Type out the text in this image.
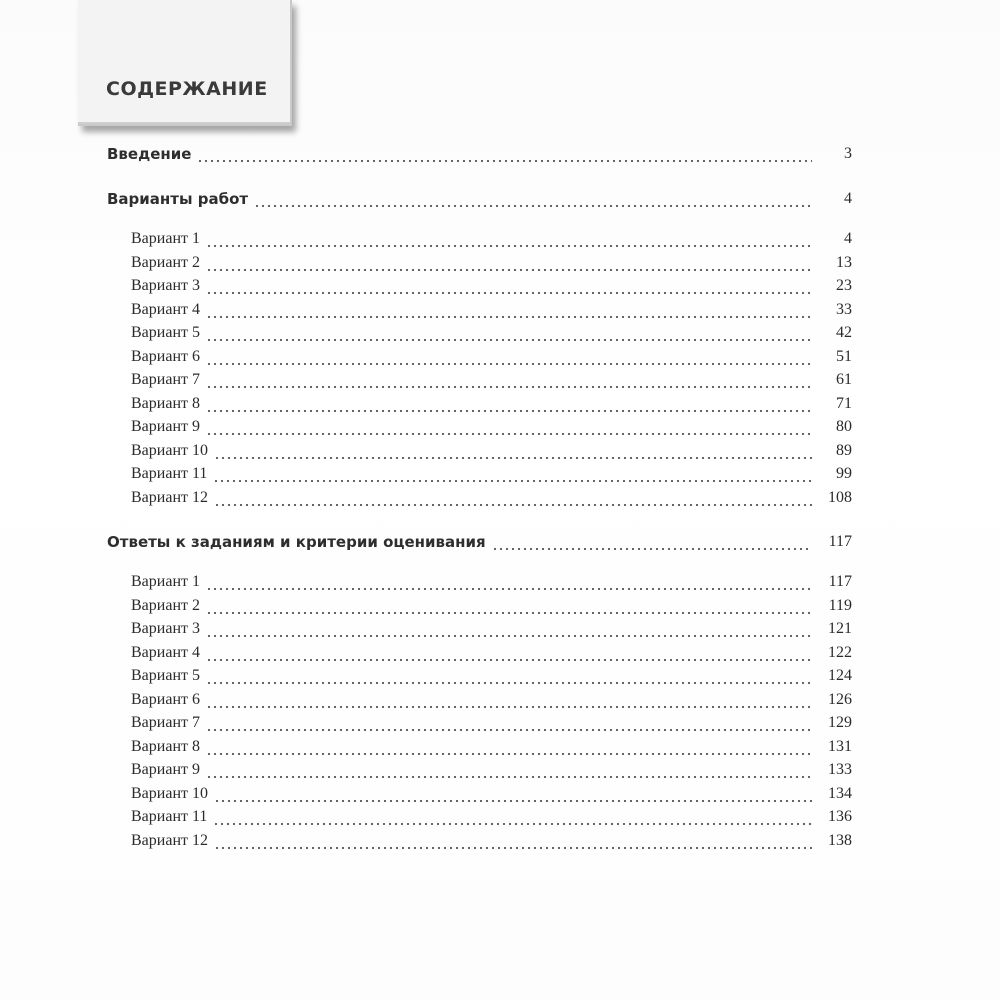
СОДЕРЖАНИЕ
Введение	3
Варианты работ	4
Вариант 1	4
Вариант 2	13
Вариант 3	23
Вариант 4	33
Вариант 5	42
Вариант 6	51
Вариант 7	61
Вариант 8	71
Вариант 9	80
Вариант 10	89
Вариант 11	99
Вариант 12	108
Ответы к заданиям и критерии оценивания	117
Вариант 1	117
Вариант 2	119
Вариант 3	121
Вариант 4	122
Вариант 5	124
Вариант 6	126
Вариант 7	129
Вариант 8	131
Вариант 9	133
Вариант 10	134
Вариант 11	136
Вариант 12	138
